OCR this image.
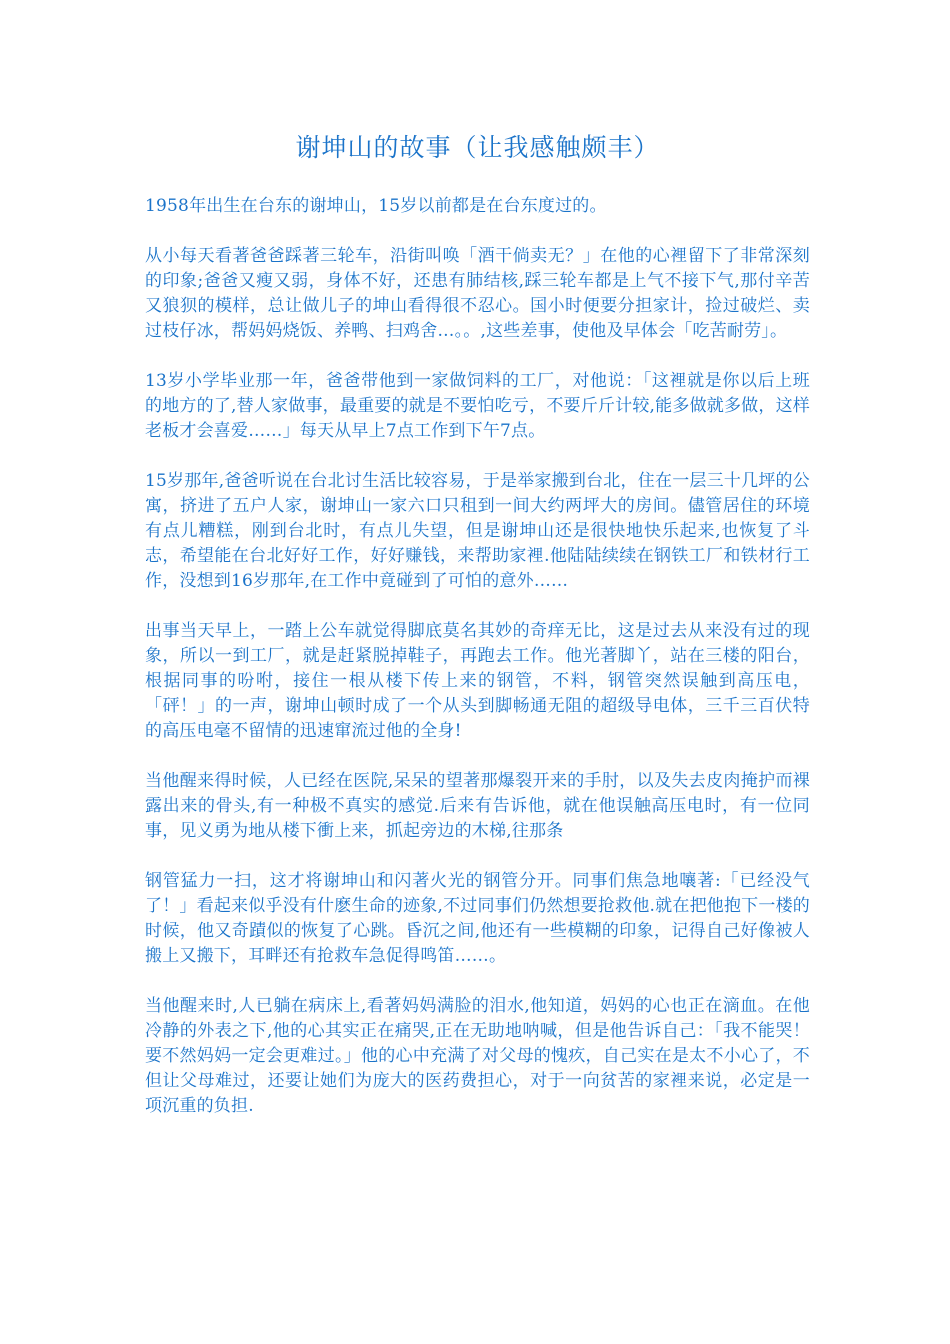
谢坤山的故事（让我感触颇丰）

1958年出生在台东的谢坤山，15岁以前都是在台东度过的。

从小每天看著爸爸踩著三轮车，沿街叫唤「酒干倘卖无？」在他的心裡留下了非常深刻的印象;爸爸又瘦又弱，身体不好，还患有肺结核,踩三轮车都是上气不接下气,那付辛苦又狼狈的模样，总让做儿子的坤山看得很不忍心。国小时便要分担家计，捡过破烂、卖过枝仔冰，帮妈妈烧饭、养鸭、扫鸡舍…。。,这些差事，使他及早体会「吃苦耐劳」。

13岁小学毕业那一年，爸爸带他到一家做饲料的工厂，对他说：「这裡就是你以后上班的地方的了,替人家做事，最重要的就是不要怕吃亏，不要斤斤计较,能多做就多做，这样老板才会喜爱……」每天从早上7点工作到下午7点。

15岁那年,爸爸听说在台北讨生活比较容易，于是举家搬到台北，住在一层三十几坪的公寓，挤进了五户人家，谢坤山一家六口只租到一间大约两坪大的房间。儘管居住的环境有点儿糟糕，刚到台北时，有点儿失望，但是谢坤山还是很快地快乐起来,也恢复了斗志，希望能在台北好好工作，好好赚钱，来帮助家裡.他陆陆续续在钢铁工厂和铁材行工作，没想到16岁那年,在工作中竟碰到了可怕的意外……

出事当天早上，一踏上公车就觉得脚底莫名其妙的奇痒无比，这是过去从来没有过的现象，所以一到工厂，就是赶紧脱掉鞋子，再跑去工作。他光著脚丫，站在三楼的阳台，根据同事的吩咐，接住一根从楼下传上来的钢管，不料，钢管突然误触到高压电，「砰！」的一声，谢坤山顿时成了一个从头到脚畅通无阻的超级导电体，三千三百伏特的高压电毫不留情的迅速窜流过他的全身!

当他醒来得时候，人已经在医院,呆呆的望著那爆裂开来的手肘，以及失去皮肉掩护而裸露出来的骨头,有一种极不真实的感觉.后来有告诉他，就在他误触高压电时，有一位同事，见义勇为地从楼下衝上来，抓起旁边的木梯,往那条

钢管猛力一扫，这才将谢坤山和闪著火光的钢管分开。同事们焦急地嚷著:「已经没气了！」看起来似乎没有什麽生命的迹象,不过同事们仍然想要抢救他.就在把他抱下一楼的时候，他又奇蹟似的恢复了心跳。昏沉之间,他还有一些模糊的印象，记得自己好像被人搬上又搬下，耳畔还有抢救车急促得鸣笛……。

当他醒来时,人已躺在病床上,看著妈妈满脸的泪水,他知道，妈妈的心也正在滴血。在他冷静的外表之下,他的心其实正在痛哭,正在无助地呐喊，但是他告诉自己：「我不能哭！要不然妈妈一定会更难过。」他的心中充满了对父母的愧疚，自己实在是太不小心了，不但让父母难过，还要让她们为庞大的医药费担心，对于一向贫苦的家裡来说，必定是一项沉重的负担.
